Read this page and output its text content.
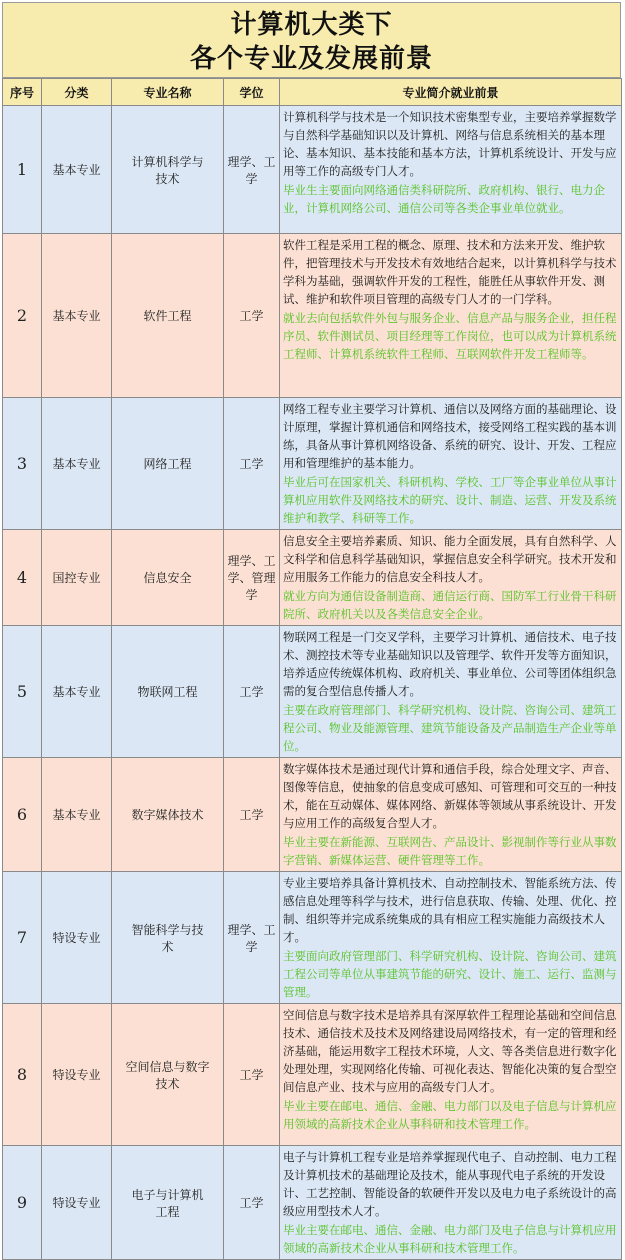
计算机大类下
各个专业及发展前景
序号	分类	专业名称	学位	专业简介就业前景
1	基本专业	计算机科学与技术	理学、工学	计算机科学与技术是一个知识技术密集型专业，主要培养掌握数学与自然科学基础知识以及计算机、网络与信息系统相关的基本理论、基本知识、基本技能和基本方法，计算机系统设计、开发与应用等工作的高级专门人才。
毕业生主要面向网络通信类科研院所、政府机构、银行、电力企业，计算机网络公司、通信公司等各类企事业单位就业。

2	基本专业	软件工程	工学	软件工程是采用工程的概念、原理、技术和方法来开发、维护软件，把管理技术与开发技术有效地结合起来，以计算机科学与技术学科为基础，强调软件开发的工程性，能胜任从事软件开发、测试、维护和软件项目管理的高级专门人才的一门学科。
就业去向包括软件外包与服务企业、信息产品与服务企业，担任程序员、软件测试员、项目经理等工作岗位，也可以成为计算机系统工程师、计算机系统软件工程师、互联网软件开发工程师等。

3	基本专业	网络工程	工学	网络工程专业主要学习计算机、通信以及网络方面的基础理论、设计原理，掌握计算机通信和网络技术，接受网络工程实践的基本训练，具备从事计算机网络设备、系统的研究、设计、开发、工程应用和管理维护的基本能力。
毕业后可在国家机关、科研机构、学校、工厂等企事业单位从事计算机应用软件及网络技术的研究、设计、制造、运营、开发及系统维护和教学、科研等工作。

4	国控专业	信息安全	理学、工学、管理学	信息安全主要培养素质、知识、能力全面发展，具有自然科学、人文科学和信息科学基础知识，掌握信息安全科学研究。技术开发和应用服务工作能力的信息安全科技人才。
就业方向为通信设备制造商、通信运行商、国防军工行业骨干科研院所、政府机关以及各类信息安全企业。

5	基本专业	物联网工程	工学	物联网工程是一门交叉学科，主要学习计算机、通信技术、电子技术、测控技术等专业基础知识以及管理学、软件开发等方面知识，培养适应传统媒体机构、政府机关、事业单位、公司等团体组织急需的复合型信息传播人才。
主要在政府管理部门、科学研究机构、设计院、咨询公司、建筑工程公司、物业及能源管理、建筑节能设备及产品制造生产企业等单位。

6	基本专业	数字媒体技术	工学	数字媒体技术是通过现代计算和通信手段，综合处理文字、声音、图像等信息，使抽象的信息变成可感知、可管理和可交互的一种技术，能在互动媒体、媒体网络、新媒体等领域从事系统设计、开发与应用工作的高级复合型人才。
毕业主要在新能源、互联网告、产品设计、影视制作等行业从事数字营销、新媒体运营、硬件管理等工作。

7	特设专业	智能科学与技术	理学、工学	专业主要培养具备计算机技术、自动控制技术、智能系统方法、传感信息处理等科学与技术，进行信息获取、传输、处理、优化、控制、组织等并完成系统集成的具有相应工程实施能力高级技术人才。
主要面向政府管理部门、科学研究机构、设计院、咨询公司、建筑工程公司等单位从事建筑节能的研究、设计、施工、运行、监测与管理。

8	特设专业	空间信息与数字技术	工学	空间信息与数字技术是培养具有深厚软件工程理论基础和空间信息技术、通信技术及技术及网络建设局网络技术，有一定的管理和经济基础，能运用数字工程技术环境，人文、等各类信息进行数字化处理处理，实现网络化传输、可视化表达、智能化决策的复合型空间信息产业、技术与应用的高级专门人才。
毕业主要在邮电、通信、金融、电力部门以及电子信息与计算机应用领域的高新技术企业从事科研和技术管理工作。

9	特设专业	电子与计算机工程	工学	电子与计算机工程专业是培养掌握现代电子、自动控制、电力工程及计算机技术的基础理论及技术，能从事现代电子系统的开发设计、工艺控制、智能设备的软硬件开发以及电力电子系统设计的高级应用型技术人才。
毕业主要在邮电、通信、金融、电力部门及电子信息与计算机应用领域的高新技术企业从事科研和技术管理工作。
